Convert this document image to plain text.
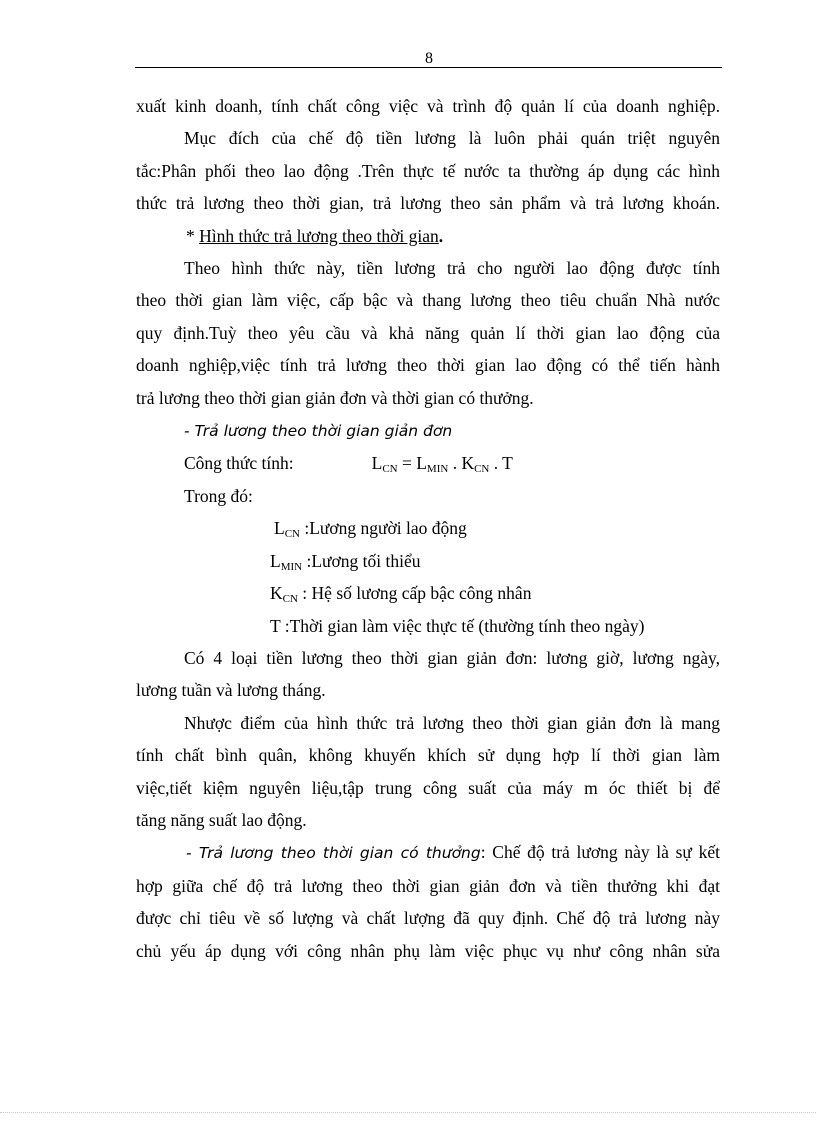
8
xuất kinh doanh, tính chất công việc và trình độ quản lí của doanh nghiệp.
Mục đích của chế độ tiền lương là luôn phải quán triệt nguyên
tắc:Phân phối theo lao động .Trên thực tế nước ta thường áp dụng các hình
thức trả lương theo thời gian, trả lương theo sản phẩm và trả lương khoán.
* Hình thức trả lương theo thời gian.
Theo hình thức này, tiền lương trả cho người lao động được tính
theo thời gian làm việc, cấp bậc và thang lương theo tiêu chuẩn Nhà nước
quy định.Tuỳ theo yêu cầu và khả năng quản lí thời gian lao động của
doanh nghiệp,việc tính trả lương theo thời gian lao động có thể tiến hành
trả lương theo thời gian giản đơn và thời gian có thưởng.
- Trả lương theo thời gian giản đơn
Công thức tính:	$L_{CN} = L_{MIN}$ . $K_{CN}$ . T
Trong đó:
$L_{CN}$ :Lương người lao động
$L_{MIN}$ :Lương tối thiểu
$K_{CN}$ : Hệ số lương cấp bậc công nhân
T :Thời gian làm việc thực tế (thường tính theo ngày)
Có 4 loại tiền lương theo thời gian giản đơn: lương giờ, lương ngày,
lương tuần và lương tháng.
Nhược điểm của hình thức trả lương theo thời gian giản đơn là mang
tính chất bình quân, không khuyến khích sử dụng hợp lí thời gian làm
việc,tiết kiệm nguyên liệu,tập trung công suất của máy m óc thiết bị để
tăng năng suất lao động.
- Trả lương theo thời gian có thưởng: Chế độ trả lương này là sự kết
hợp giữa chế độ trả lương theo thời gian giản đơn và tiền thưởng khi đạt
được chỉ tiêu về số lượng và chất lượng đã quy định. Chế độ trả lương này
chủ yếu áp dụng với công nhân phụ làm việc phục vụ như công nhân sửa
